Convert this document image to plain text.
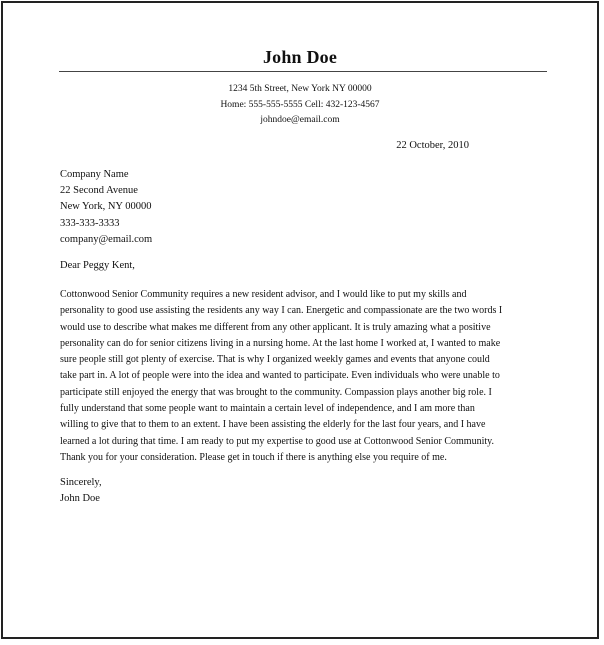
John Doe
1234 5th Street, New York NY 00000
Home: 555-555-5555 Cell: 432-123-4567
johndoe@email.com
22 October, 2010
Company Name
22 Second Avenue
New York, NY 00000
333-333-3333
company@email.com
Dear Peggy Kent,
Cottonwood Senior Community requires a new resident advisor, and I would like to put my skills and
personality to good use assisting the residents any way I can. Energetic and compassionate are the two words I
would use to describe what makes me different from any other applicant. It is truly amazing what a positive
personality can do for senior citizens living in a nursing home. At the last home I worked at, I wanted to make
sure people still got plenty of exercise. That is why I organized weekly games and events that anyone could
take part in. A lot of people were into the idea and wanted to participate. Even individuals who were unable to
participate still enjoyed the energy that was brought to the community. Compassion plays another big role. I
fully understand that some people want to maintain a certain level of independence, and I am more than
willing to give that to them to an extent. I have been assisting the elderly for the last four years, and I have
learned a lot during that time. I am ready to put my expertise to good use at Cottonwood Senior Community.
Thank you for your consideration. Please get in touch if there is anything else you require of me.
Sincerely,
John Doe
